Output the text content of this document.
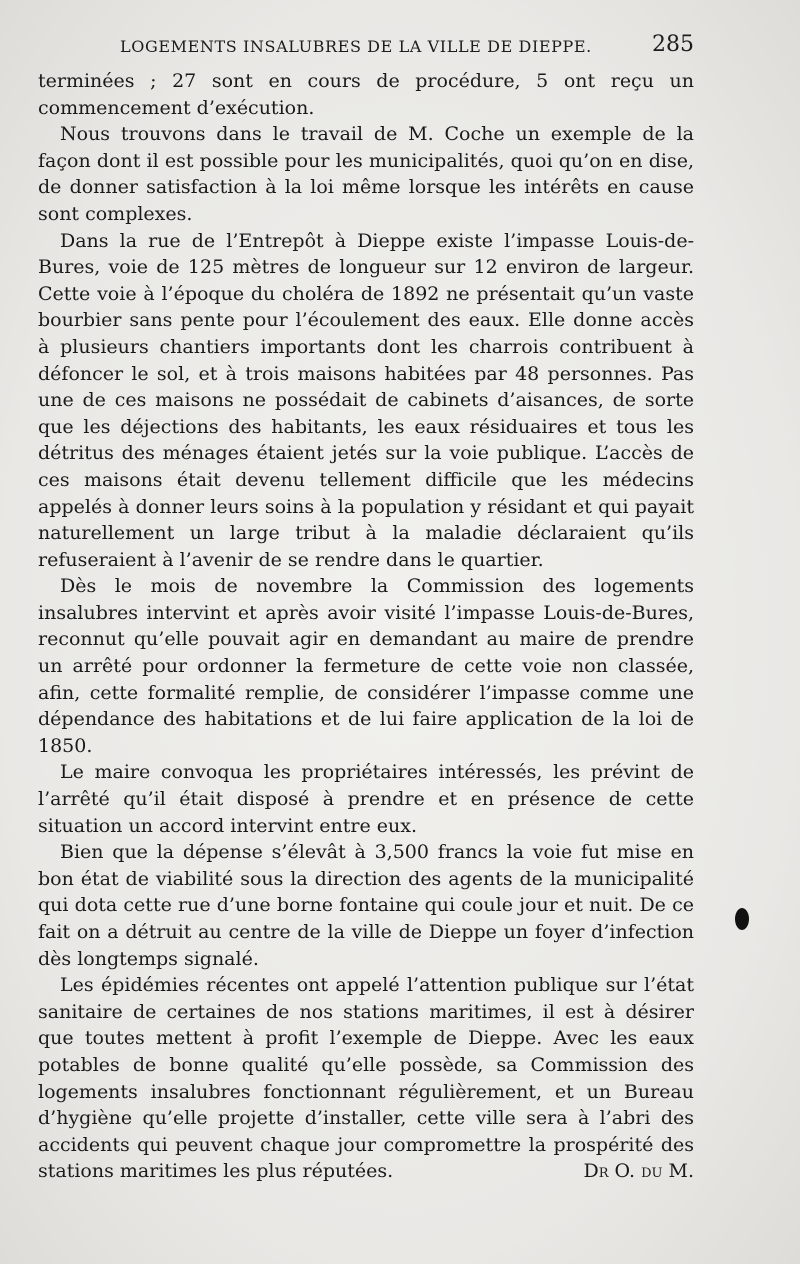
LOGEMENTS INSALUBRES DE LA VILLE DE DIEPPE.	285

terminées ; 27 sont en cours de procédure, 5 ont reçu un commencement d’exécution.

Nous trouvons dans le travail de M. Coche un exemple de la façon dont il est possible pour les municipalités, quoi qu’on en dise, de donner satisfaction à la loi même lorsque les intérêts en cause sont complexes.

Dans la rue de l’Entrepôt à Dieppe existe l’impasse Louis-de-Bures, voie de 125 mètres de longueur sur 12 environ de largeur. Cette voie à l’époque du choléra de 1892 ne présentait qu’un vaste bourbier sans pente pour l’écoulement des eaux. Elle donne accès à plusieurs chantiers importants dont les charrois contribuent à défoncer le sol, et à trois maisons habitées par 48 personnes. Pas une de ces maisons ne possédait de cabinets d’aisances, de sorte que les déjections des habitants, les eaux résiduaires et tous les détritus des ménages étaient jetés sur la voie publique. L’accès de ces maisons était devenu tellement difficile que les médecins appelés à donner leurs soins à la population y résidant et qui payait naturellement un large tribut à la maladie déclaraient qu’ils refuseraient à l’avenir de se rendre dans le quartier.

Dès le mois de novembre la Commission des logements insalubres intervint et après avoir visité l’impasse Louis-de-Bures, reconnut qu’elle pouvait agir en demandant au maire de prendre un arrêté pour ordonner la fermeture de cette voie non classée, afin, cette formalité remplie, de considérer l’impasse comme une dépendance des habitations et de lui faire application de la loi de 1850.

Le maire convoqua les propriétaires intéressés, les prévint de l’arrêté qu’il était disposé à prendre et en présence de cette situation un accord intervint entre eux.

Bien que la dépense s’élevât à 3,500 francs la voie fut mise en bon état de viabilité sous la direction des agents de la municipalité qui dota cette rue d’une borne fontaine qui coule jour et nuit. De ce fait on a détruit au centre de la ville de Dieppe un foyer d’infection dès longtemps signalé.

Les épidémies récentes ont appelé l’attention publique sur l’état sanitaire de certaines de nos stations maritimes, il est à désirer que toutes mettent à profit l’exemple de Dieppe. Avec les eaux potables de bonne qualité qu’elle possède, sa Commission des logements insalubres fonctionnant régulièrement, et un Bureau d’hygiène qu’elle projette d’installer, cette ville sera à l’abri des accidents qui peuvent chaque jour compromettre la prospérité des stations maritimes les plus réputées.	Dr O. du M.
